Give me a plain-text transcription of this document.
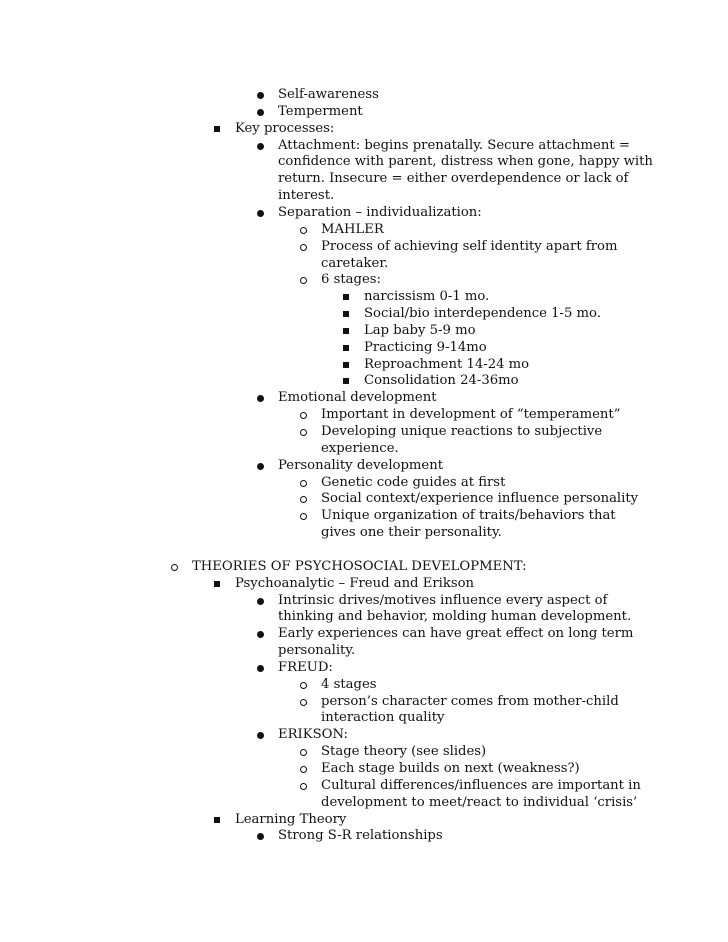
Self-awareness
Temperment
Key processes:
Attachment: begins prenatally. Secure attachment =
confidence with parent, distress when gone, happy with
return. Insecure = either overdependence or lack of
interest.
Separation – individualization:
MAHLER
Process of achieving self identity apart from
caretaker.
6 stages:
narcissism 0-1 mo.
Social/bio interdependence 1-5 mo.
Lap baby 5-9 mo
Practicing 9-14mo
Reproachment 14-24 mo
Consolidation 24-36mo
Emotional development
Important in development of “temperament”
Developing unique reactions to subjective
experience.
Personality development
Genetic code guides at first
Social context/experience influence personality
Unique organization of traits/behaviors that
gives one their personality.
THEORIES OF PSYCHOSOCIAL DEVELOPMENT:
Psychoanalytic – Freud and Erikson
Intrinsic drives/motives influence every aspect of
thinking and behavior, molding human development.
Early experiences can have great effect on long term
personality.
FREUD:
4 stages
person’s character comes from mother-child
interaction quality
ERIKSON:
Stage theory (see slides)
Each stage builds on next (weakness?)
Cultural differences/influences are important in
development to meet/react to individual ‘crisis’
Learning Theory
Strong S-R relationships
